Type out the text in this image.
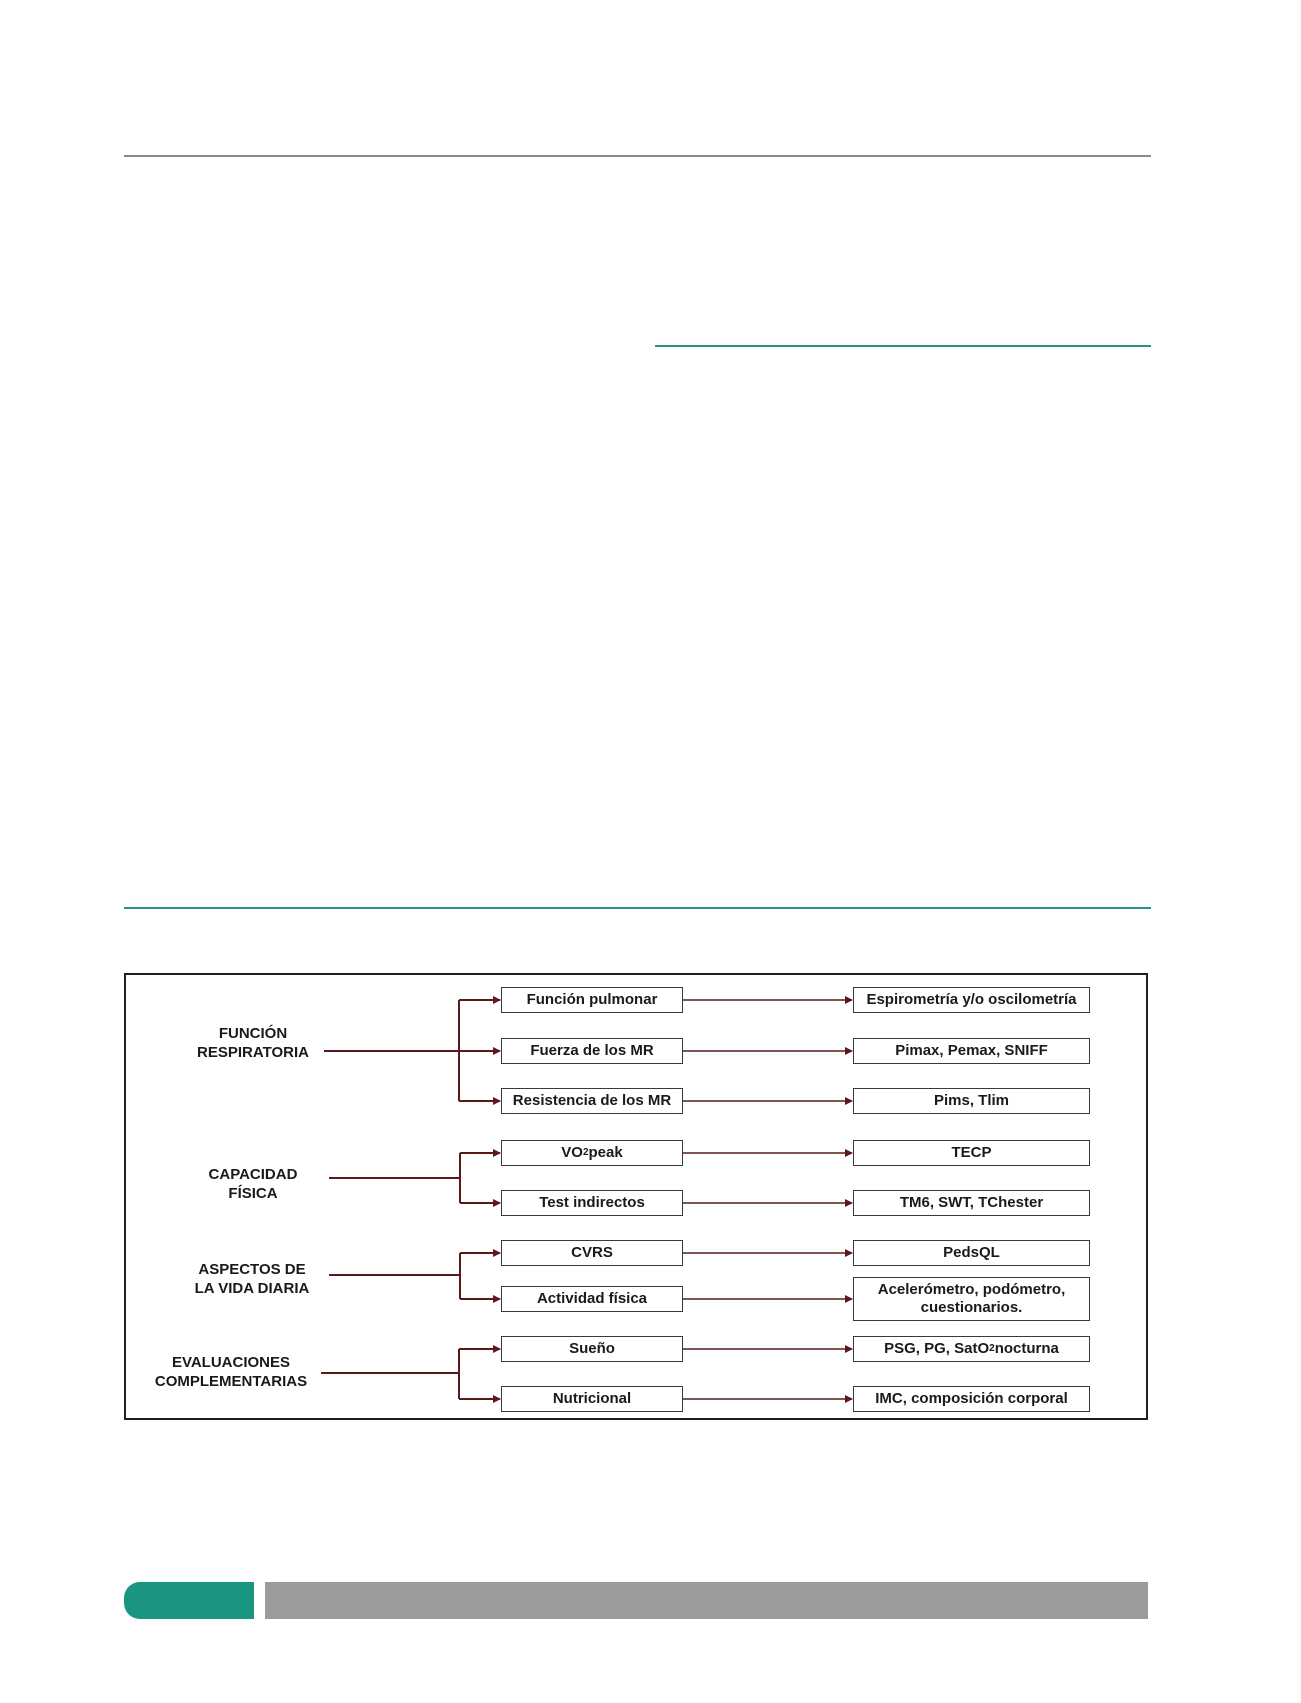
FUNCIÓN
RESPIRATORIA
CAPACIDAD
FÍSICA
ASPECTOS DE
LA VIDA DIARIA
EVALUACIONES
COMPLEMENTARIAS
Función pulmonar
Fuerza de los MR
Resistencia de los MR
VO 2 peak
Test indirectos
CVRS
Actividad física
Sueño
Nutricional
Espirometría y/o oscilometría
Pimax, Pemax, SNIFF
Pims, Tlim
TECP
TM6, SWT, TChester
PedsQL
Acelerómetro, podómetro,
cuestionarios.
PSG, PG, SatO 2 nocturna
IMC, composición corporal
